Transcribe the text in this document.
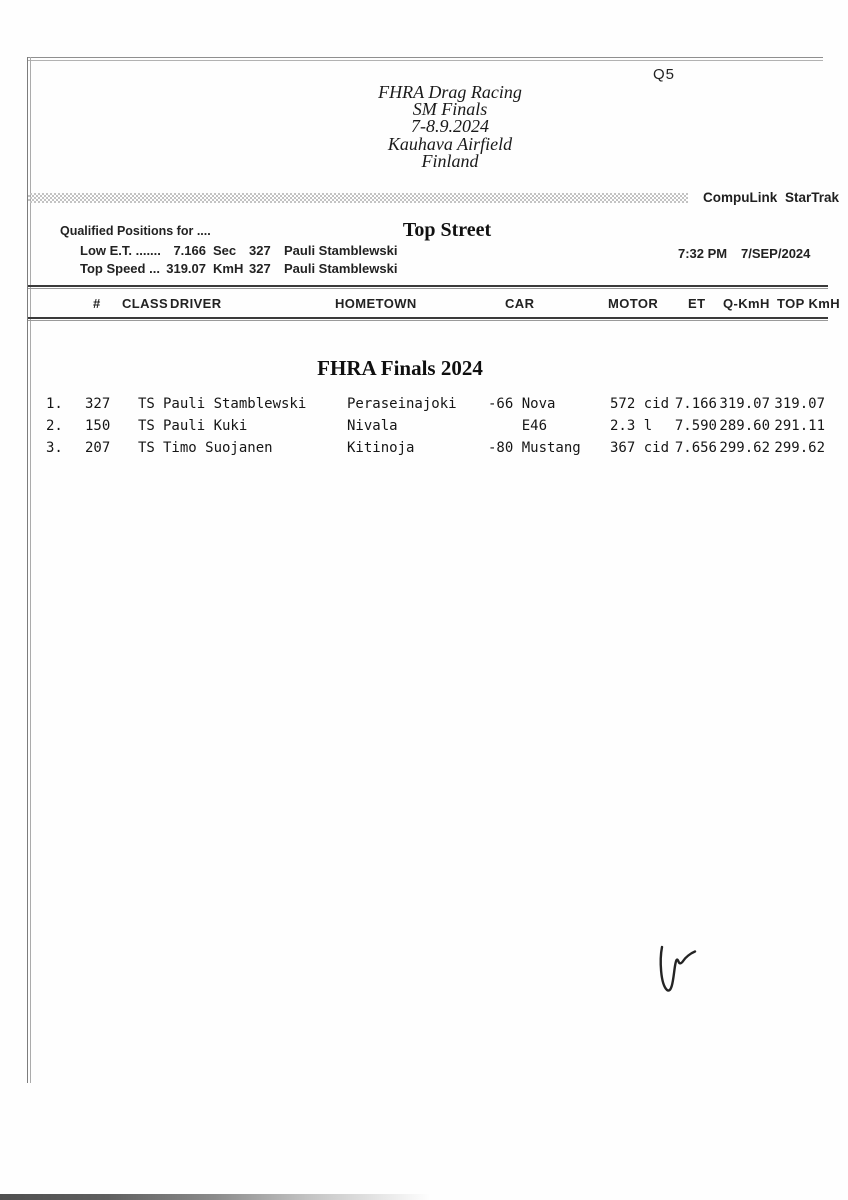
Q5
FHRA Drag Racing
SM Finals
7-8.9.2024
Kauhava Airfield
Finland
CompuLink StarTrak
Qualified Positions for ....	Top Street
Low E.T. ....... 7.166 Sec 327 Pauli Stamblewski
Top Speed ... 319.07 KmH 327 Pauli Stamblewski
7:32 PM 7/SEP/2024
# CLASS DRIVER	HOMETOWN	CAR	MOTOR ET Q-KmH TOP KmH
FHRA Finals 2024
1. 327 TS Pauli Stamblewski	Peraseinajoki -66 Nova	572 cid 7.166 319.07 319.07
2. 150 TS Pauli Kuki	Nivala	E46	2.3 l	7.590 289.60 291.11
3. 207 TS Timo Suojanen	Kitinoja	-80 Mustang 367 cid 7.656 299.62 299.62
